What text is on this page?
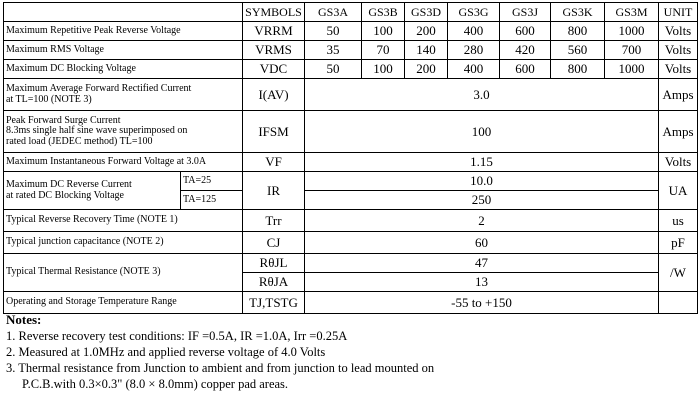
		SYMBOLS	GS3A	GS3B	GS3D	GS3G	GS3J	GS3K	GS3M	UNIT
Maximum Repetitive Peak Reverse Voltage		VRRM	50	100	200	400	600	800	1000	Volts
Maximum RMS Voltage		VRMS	35	70	140	280	420	560	700	Volts
Maximum DC Blocking Voltage		VDC	50	100	200	400	600	800	1000	Volts

Maximum Average Forward Rectified Current
at TL=100 (NOTE 3)		I(AV)	3.0							Amps

Peak Forward Surge Current
8.3ms single half sine wave superimposed on
rated load (JEDEC method) TL=100		IFSM	100							Amps
Maximum Instantaneous Forward Voltage at 3.0A		VF	1.15							Volts

Maximum DC Reverse Current
at rated DC Blocking Voltage	TA=25	IR	10.0							UA
	TA=125		250							
Typical Reverse Recovery Time (NOTE 1)		Trr	2							us
Typical junction capacitance (NOTE 2)		CJ	60							pF
Typical Thermal Resistance (NOTE 3)		RθJL	47							/W
		RθJA	13							
Operating and Storage Temperature Range		TJ,TSTG	-55 to +150							
Notes:
1. Reverse recovery test conditions: IF =0.5A, IR =1.0A, Irr =0.25A
2. Measured at 1.0MHz and applied reverse voltage of 4.0 Volts
3. Thermal resistance from Junction to ambient and from junction to lead mounted on
P.C.B.with 0.3×0.3" (8.0 × 8.0mm) copper pad areas.
